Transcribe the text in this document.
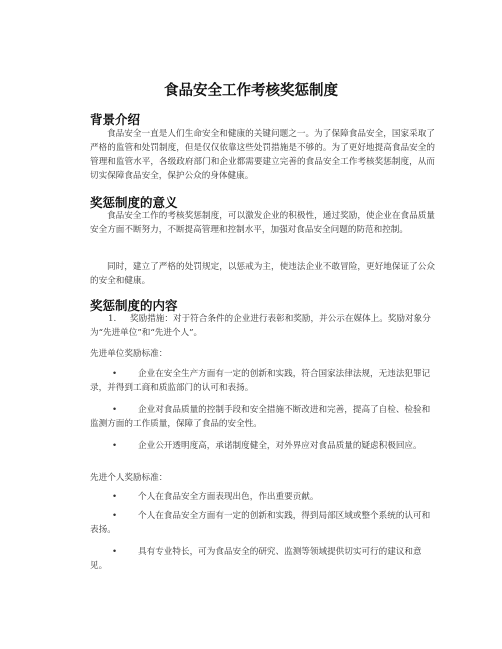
食品安全工作考核奖惩制度
背景介绍
食品安全一直是人们生命安全和健康的关键问题之一。为了保障食品安全，国家采取了严格的监管和处罚制度，但是仅仅依靠这些处罚措施是不够的。为了更好地提高食品安全的管理和监管水平，各级政府部门和企业都需要建立完善的食品安全工作考核奖惩制度，从而切实保障食品安全，保护公众的身体健康。
奖惩制度的意义
食品安全工作的考核奖惩制度，可以激发企业的积极性，通过奖励，使企业在食品质量安全方面不断努力，不断提高管理和控制水平，加强对食品安全问题的防范和控制。
同时，建立了严格的处罚规定，以惩戒为主，使违法企业不敢冒险，更好地保证了公众的安全和健康。
奖惩制度的内容
1. 奖励措施：对于符合条件的企业进行表彰和奖励，并公示在媒体上。奖励对象分为“先进单位”和“先进个人”。
先进单位奖励标准：
• 企业在安全生产方面有一定的创新和实践，符合国家法律法规，无违法犯罪记录，并得到工商和质监部门的认可和表扬。
• 企业对食品质量的控制手段和安全措施不断改进和完善，提高了自检、检验和监测方面的工作质量，保障了食品的安全性。
• 企业公开透明度高，承诺制度健全，对外界应对食品质量的疑虑积极回应。
先进个人奖励标准：
• 个人在食品安全方面表现出色，作出重要贡献。
• 个人在食品安全方面有一定的创新和实践，得到局部区域或整个系统的认可和表扬。
• 具有专业特长，可为食品安全的研究、监测等领域提供切实可行的建议和意见。
